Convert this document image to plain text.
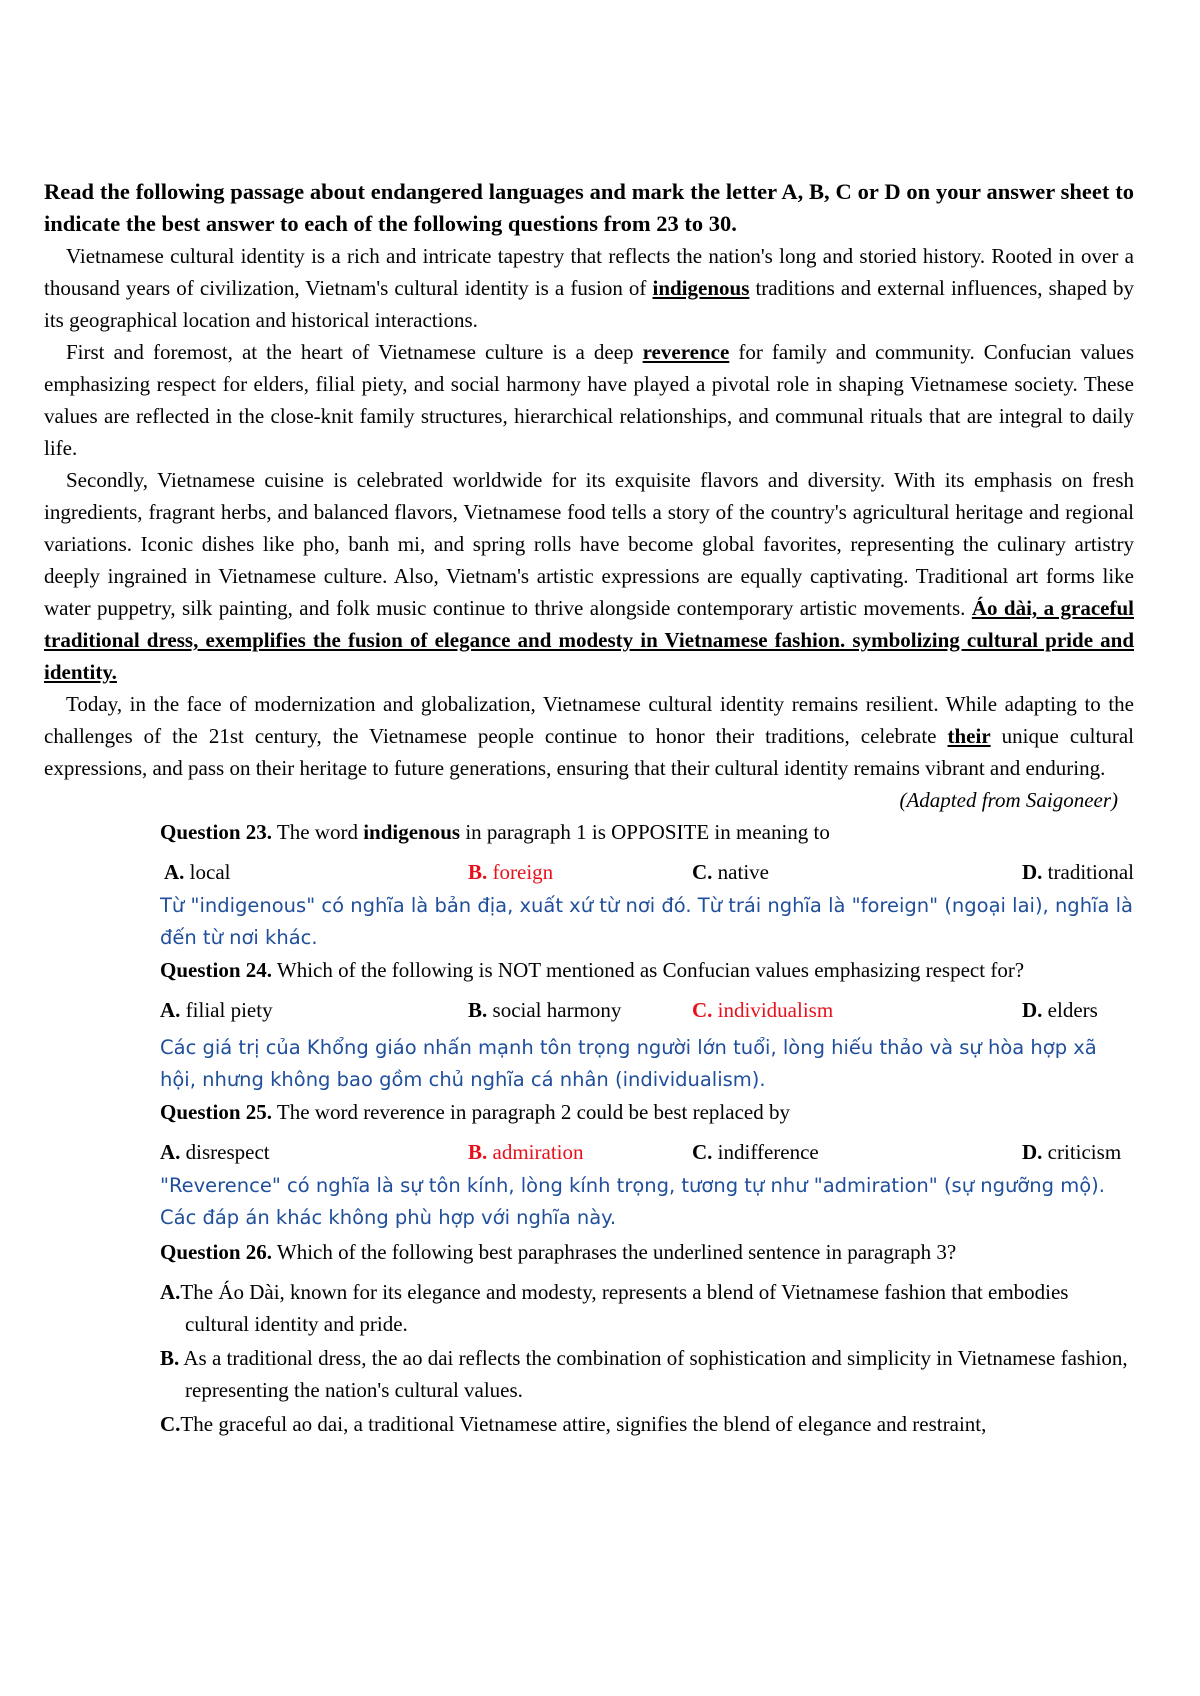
Read the following passage about endangered languages and mark the letter A, B, C or D on your answer sheet to indicate the best answer to each of the following questions from 23 to 30.

Vietnamese cultural identity is a rich and intricate tapestry that reflects the nation's long and storied history. Rooted in over a thousand years of civilization, Vietnam's cultural identity is a fusion of indigenous traditions and external influences, shaped by its geographical location and historical interactions.

First and foremost, at the heart of Vietnamese culture is a deep reverence for family and community. Confucian values emphasizing respect for elders, filial piety, and social harmony have played a pivotal role in shaping Vietnamese society. These values are reflected in the close-knit family structures, hierarchical relationships, and communal rituals that are integral to daily life.

Secondly, Vietnamese cuisine is celebrated worldwide for its exquisite flavors and diversity. With its emphasis on fresh ingredients, fragrant herbs, and balanced flavors, Vietnamese food tells a story of the country's agricultural heritage and regional variations. Iconic dishes like pho, banh mi, and spring rolls have become global favorites, representing the culinary artistry deeply ingrained in Vietnamese culture. Also, Vietnam's artistic expressions are equally captivating. Traditional art forms like water puppetry, silk painting, and folk music continue to thrive alongside contemporary artistic movements. Áo dài, a graceful traditional dress, exemplifies the fusion of elegance and modesty in Vietnamese fashion. symbolizing cultural pride and identity.

Today, in the face of modernization and globalization, Vietnamese cultural identity remains resilient. While adapting to the challenges of the 21st century, the Vietnamese people continue to honor their traditions, celebrate their unique cultural expressions, and pass on their heritage to future generations, ensuring that their cultural identity remains vibrant and enduring.

(Adapted from Saigoneer)

Question 23. The word indigenous in paragraph 1 is OPPOSITE in meaning to

A. local	B. foreign	C. native	D. traditional

Từ "indigenous" có nghĩa là bản địa, xuất xứ từ nơi đó. Từ trái nghĩa là "foreign" (ngoại lai), nghĩa là đến từ nơi khác.

Question 24. Which of the following is NOT mentioned as Confucian values emphasizing respect for?

A. filial piety	B. social harmony	C. individualism	D. elders

Các giá trị của Khổng giáo nhấn mạnh tôn trọng người lớn tuổi, lòng hiếu thảo và sự hòa hợp xã hội, nhưng không bao gồm chủ nghĩa cá nhân (individualism).

Question 25. The word reverence in paragraph 2 could be best replaced by

A. disrespect	B. admiration	C. indifference	D. criticism

"Reverence" có nghĩa là sự tôn kính, lòng kính trọng, tương tự như "admiration" (sự ngưỡng mộ). Các đáp án khác không phù hợp với nghĩa này.

Question 26. Which of the following best paraphrases the underlined sentence in paragraph 3?

A.The Áo Dài, known for its elegance and modesty, represents a blend of Vietnamese fashion that embodies cultural identity and pride.

B. As a traditional dress, the ao dai reflects the combination of sophistication and simplicity in Vietnamese fashion, representing the nation's cultural values.

C.The graceful ao dai, a traditional Vietnamese attire, signifies the blend of elegance and restraint,
